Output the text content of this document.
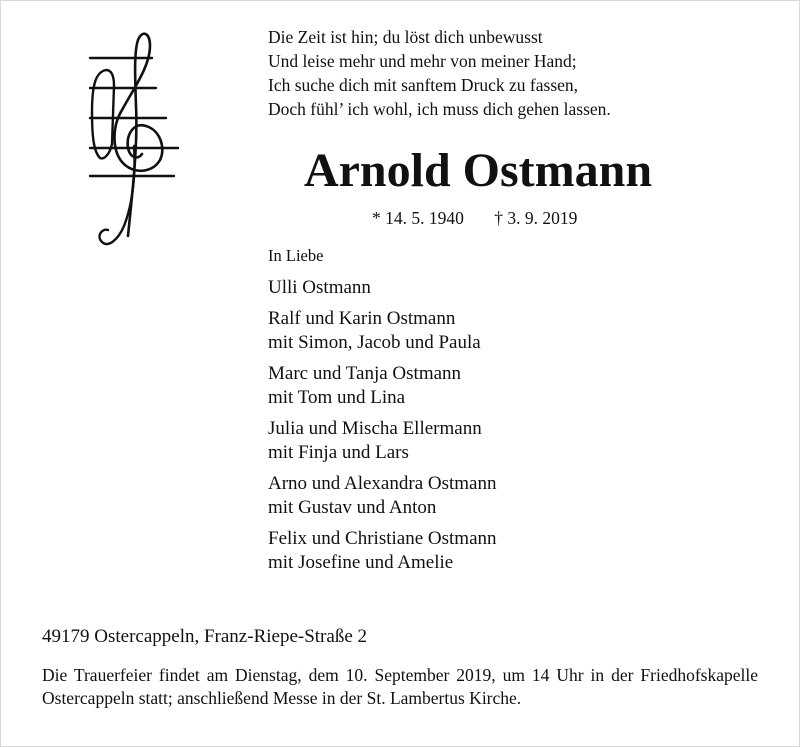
Die Zeit ist hin; du löst dich unbewusst
Und leise mehr und mehr von meiner Hand;
Ich suche dich mit sanftem Druck zu fassen,
Doch fühl’ ich wohl, ich muss dich gehen lassen.
Arnold Ostmann
* 14. 5. 1940 † 3. 9. 2019
In Liebe
Ulli Ostmann
Ralf und Karin Ostmann
mit Simon, Jacob und Paula
Marc und Tanja Ostmann
mit Tom und Lina
Julia und Mischa Ellermann
mit Finja und Lars
Arno und Alexandra Ostmann
mit Gustav und Anton
Felix und Christiane Ostmann
mit Josefine und Amelie
49179 Ostercappeln, Franz-Riepe-Straße 2
Die Trauerfeier findet am Dienstag, dem 10. September 2019, um 14 Uhr in der Friedhofskapelle Ostercappeln statt; anschließend Messe in der St. Lambertus Kirche.
